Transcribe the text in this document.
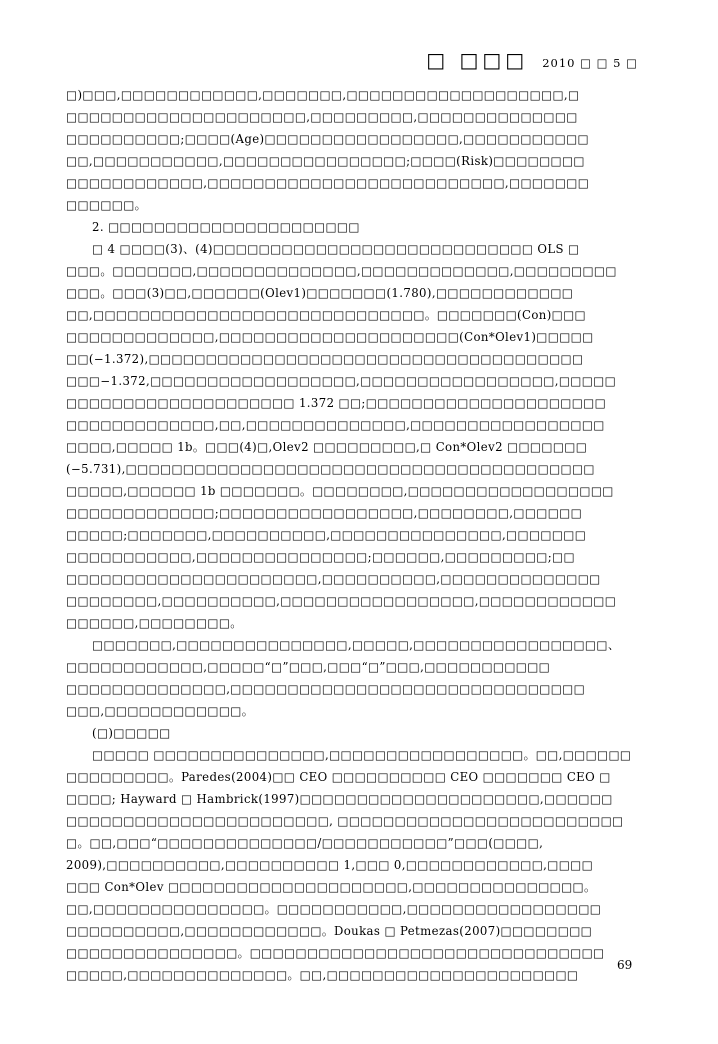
□ □□□ 2010 □ □ 5 □
□)□□□,□□□□□□□□□□□□,□□□□□□□,□□□□□□□□□□□□□□□□□□□,□
□□□□□□□□□□□□□□□□□□□□□,□□□□□□□□□,□□□□□□□□□□□□□□
□□□□□□□□□□;□□□□(Age)□□□□□□□□□□□□□□□□□,□□□□□□□□□□□
□□,□□□□□□□□□□□,□□□□□□□□□□□□□□□□;□□□□(Risk)□□□□□□□□
□□□□□□□□□□□□,□□□□□□□□□□□□□□□□□□□□□□□□□□,□□□□□□□
□□□□□□。
2. □□□□□□□□□□□□□□□□□□□□□□
□ 4 □□□□(3)、(4)□□□□□□□□□□□□□□□□□□□□□□□□□□□□ OLS □
□□□。□□□□□□□,□□□□□□□□□□□□□□,□□□□□□□□□□□□□,□□□□□□□□□
□□□。□□□(3)□□,□□□□□□(Olev1)□□□□□□□(1.780),□□□□□□□□□□□□
□□,□□□□□□□□□□□□□□□□□□□□□□□□□□□□□。□□□□□□□(Con)□□□
□□□□□□□□□□□□□,□□□□□□□□□□□□□□□□□□□□□(Con*Olev1)□□□□□
□□(−1.372),□□□□□□□□□□□□□□□□□□□□□□□□□□□□□□□□□□□□□□
□□□−1.372,□□□□□□□□□□□□□□□□□□,□□□□□□□□□□□□□□□□□,□□□□□
□□□□□□□□□□□□□□□□□□□□ 1.372 □□;□□□□□□□□□□□□□□□□□□□□□
□□□□□□□□□□□□□,□□,□□□□□□□□□□□□□□,□□□□□□□□□□□□□□□□□
□□□□,□□□□□ 1b。□□□(4)□,Olev2 □□□□□□□□□,□ Con*Olev2 □□□□□□□
(−5.731),□□□□□□□□□□□□□□□□□□□□□□□□□□□□□□□□□□□□□□□□□
□□□□□,□□□□□□ 1b □□□□□□□。□□□□□□□□,□□□□□□□□□□□□□□□□□□
□□□□□□□□□□□□□;□□□□□□□□□□□□□□□□□,□□□□□□□□,□□□□□□
□□□□□;□□□□□□□,□□□□□□□□□□,□□□□□□□□□□□□□□□,□□□□□□□
□□□□□□□□□□□,□□□□□□□□□□□□□□□;□□□□□□,□□□□□□□□□;□□
□□□□□□□□□□□□□□□□□□□□□□,□□□□□□□□□□,□□□□□□□□□□□□□□
□□□□□□□□,□□□□□□□□□□,□□□□□□□□□□□□□□□□□,□□□□□□□□□□□□
□□□□□□,□□□□□□□□。
□□□□□□□,□□□□□□□□□□□□□□□,□□□□□,□□□□□□□□□□□□□□□□□、
□□□□□□□□□□□□,□□□□□“□”□□□,□□□“□”□□□,□□□□□□□□□□□
□□□□□□□□□□□□□□,□□□□□□□□□□□□□□□□□□□□□□□□□□□□□□□
□□□,□□□□□□□□□□□□。
(□)□□□□□
□□□□□ □□□□□□□□□□□□□□□,□□□□□□□□□□□□□□□□□。□□,□□□□□□
□□□□□□□□□。Paredes(2004)□□ CEO □□□□□□□□□□ CEO □□□□□□□ CEO □
□□□□; Hayward □ Hambrick(1997)□□□□□□□□□□□□□□□□□□□□□,□□□□□□
□□□□□□□□□□□□□□□□□□□□□□□, □□□□□□□□□□□□□□□□□□□□□□□□□
□。□□,□□□“□□□□□□□□□□□□□□/□□□□□□□□□□□”□□□(□□□□,
2009),□□□□□□□□□□,□□□□□□□□□□ 1,□□□ 0,□□□□□□□□□□□□,□□□□
□□□ Con*Olev □□□□□□□□□□□□□□□□□□□□□,□□□□□□□□□□□□□□□。
□□,□□□□□□□□□□□□□□□。□□□□□□□□□□□,□□□□□□□□□□□□□□□□□
□□□□□□□□□□,□□□□□□□□□□□□。Doukas □ Petmezas(2007)□□□□□□□□
□□□□□□□□□□□□□□□。□□□□□□□□□□□□□□□□□□□□□□□□□□□□□□□
□□□□□,□□□□□□□□□□□□□□。□□,□□□□□□□□□□□□□□□□□□□□□□
69
